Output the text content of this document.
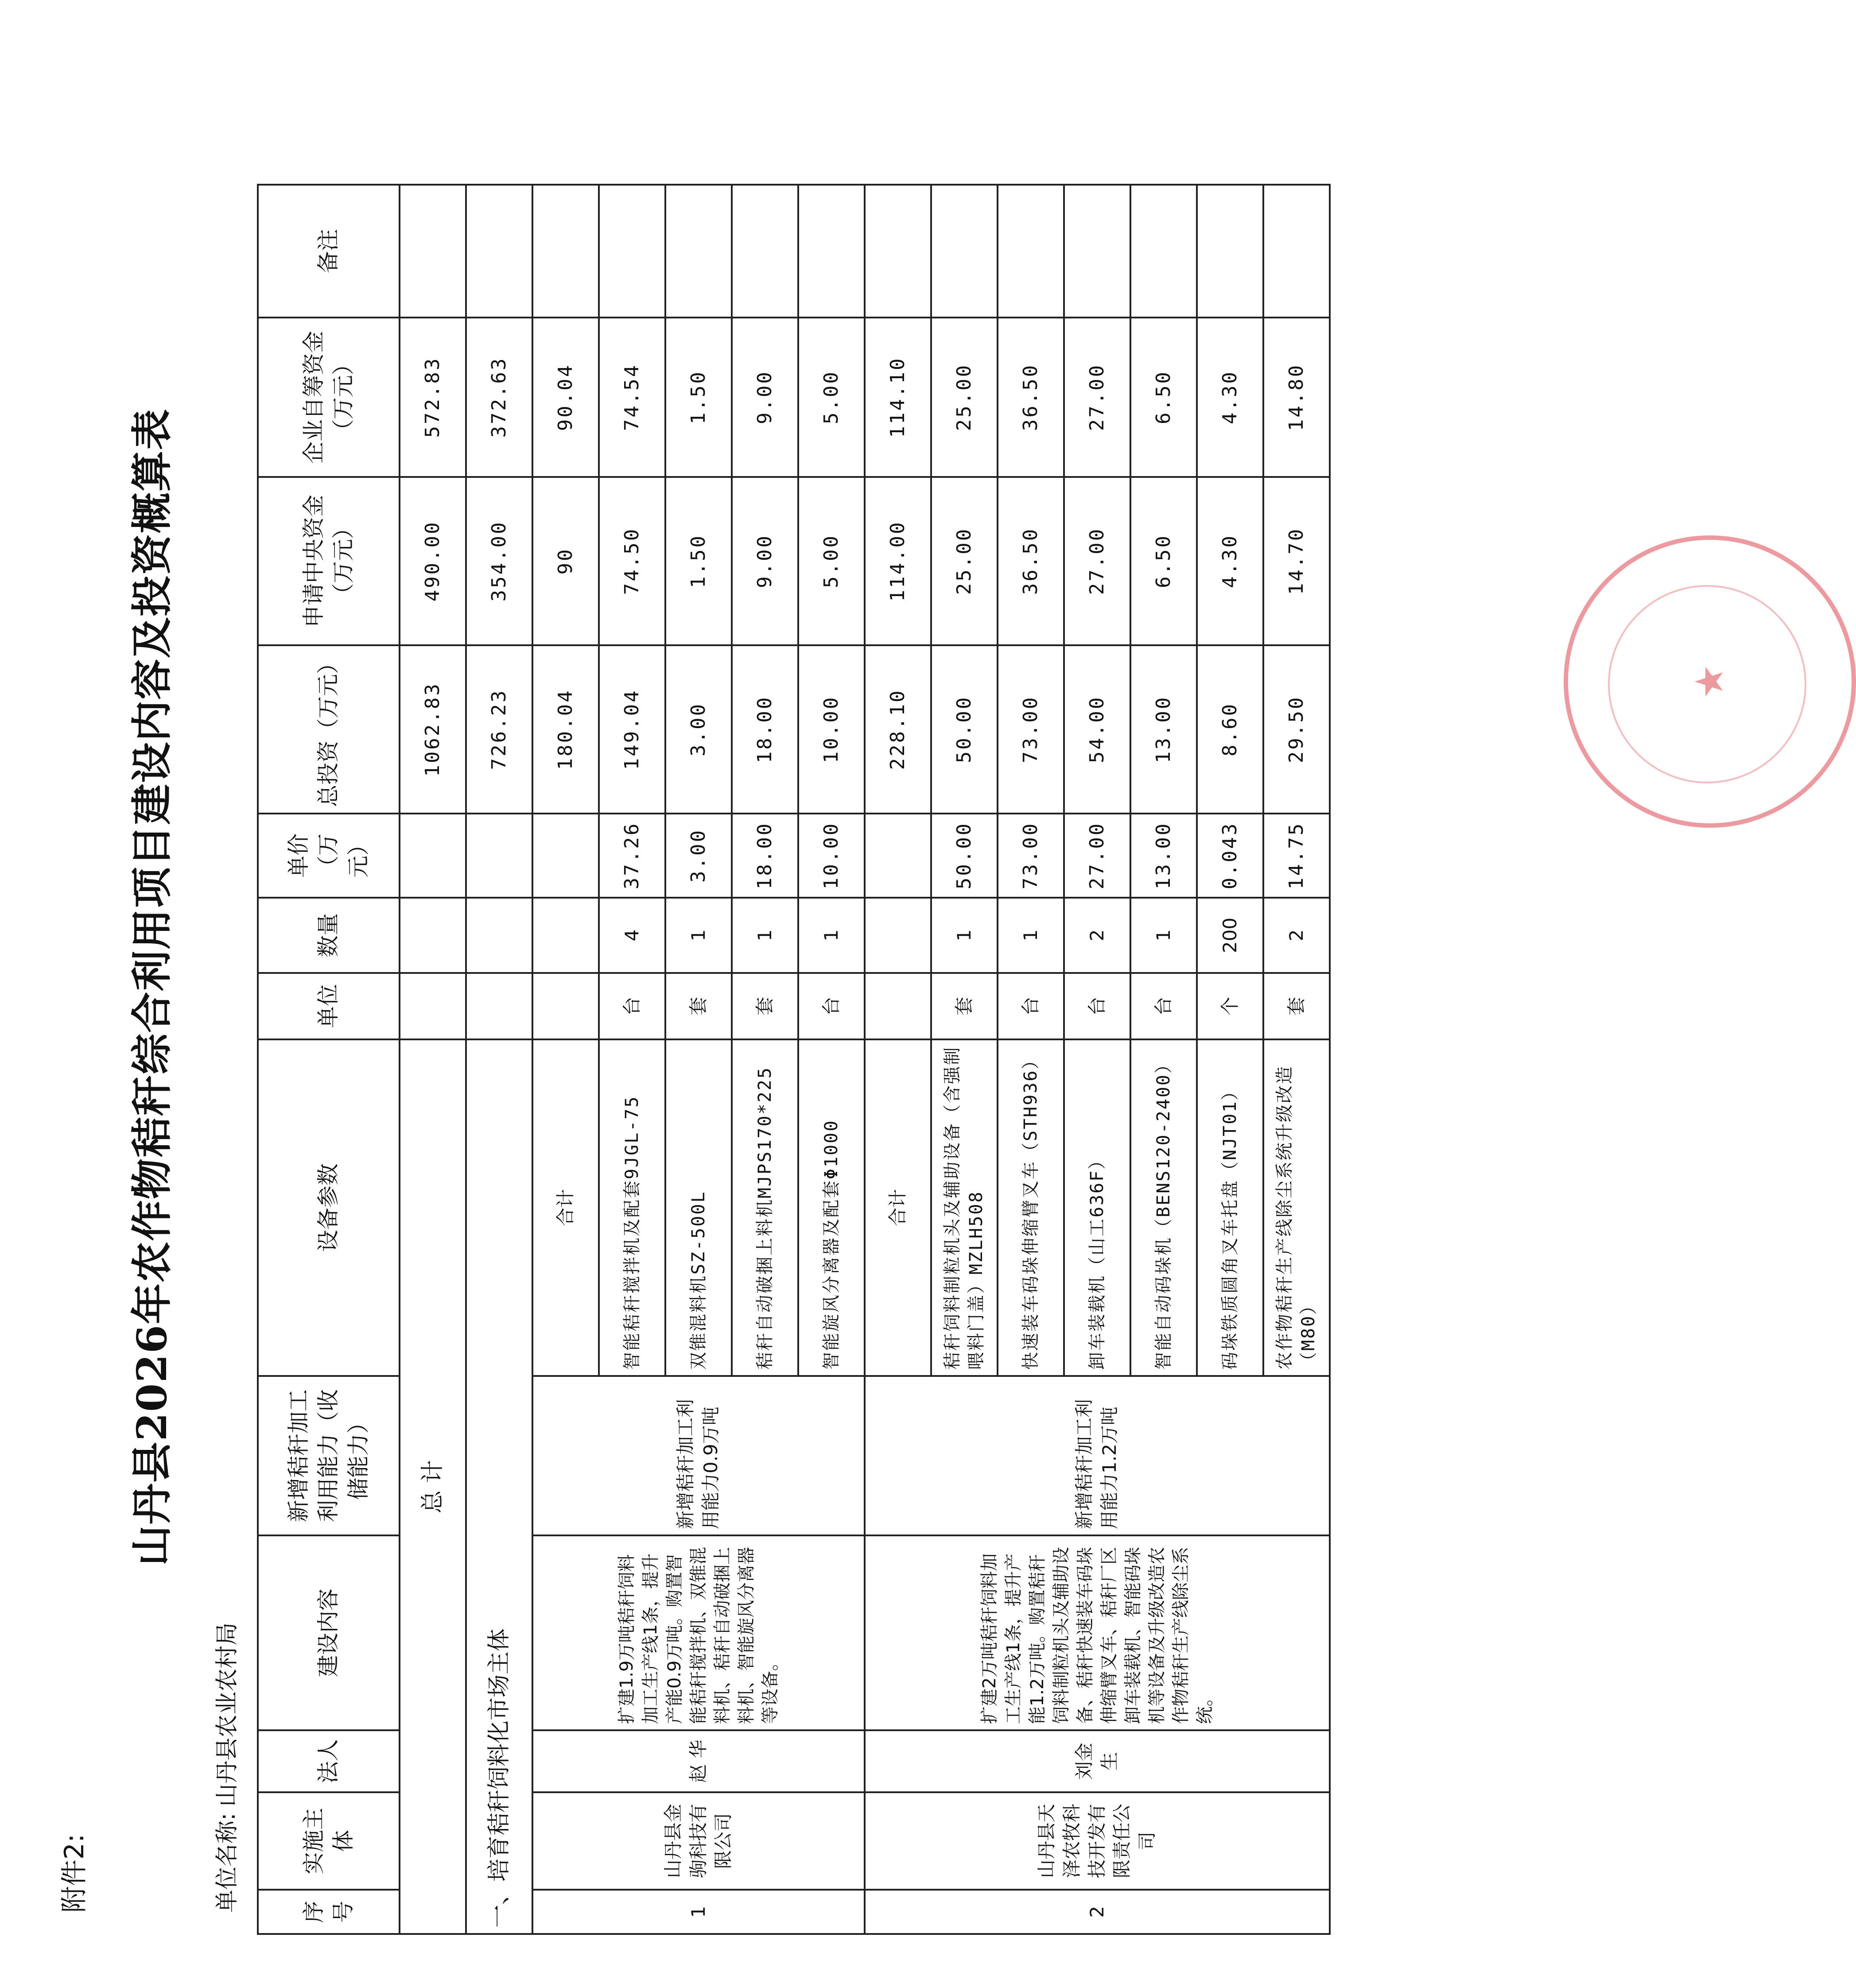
附件2:
山丹县2026年农作物秸秆综合利用项目建设内容及投资概算表
单位名称:山丹县农业农村局
序号	实施主体	法人	建设内容	新增秸秆加工利用能力（收储能力）	设备参数	单位	数量	单价（万元）	总投资（万元）	申请中央资金（万元）	企业自筹资金（万元）	备注
总 计									1062.83	490.00	572.83	
一、培育秸秆饲料化市场主体									726.23	354.00	372.63	
1	山丹县金驹科技有限公司	赵 华	扩建1.9万吨秸秆饲料加工生产线1条，提升产能0.9万吨。购置智能秸秆搅拌机、双锥混料机、秸秆自动破捆上料机、智能旋风分离器等设备。	新增秸秆加工利用能力0.9万吨	合计				180.04	90	90.04	
					智能秸秆搅拌机及配套9JGL-75	台	4	37.26	149.04	74.50	74.54	
					双锥混料机SZ-500L	套	1	3.00	3.00	1.50	1.50	
					秸秆自动破捆上料机MJPS170*225	套	1	18.00	18.00	9.00	9.00	
					智能旋风分离器及配套Φ1000	台	1	10.00	10.00	5.00	5.00	
2	山丹县天泽农牧科技开发有限责任公司	刘金生	扩建2万吨秸秆饲料加工生产线1条，提升产能1.2万吨。购置秸秆饲料制粒机头及辅助设备、秸秆快速装车码垛伸缩臂叉车、秸秆厂区卸车装载机、智能码垛机等设备及升级改造农作物秸秆生产线除尘系统。	新增秸秆加工利用能力1.2万吨	合计				228.10	114.00	114.10	
					秸秆饲料制粒机头及辅助设备（含强制喂料门盖）MZLH508	套	1	50.00	50.00	25.00	25.00	
					快速装车码垛伸缩臂叉车（STH936）	台	1	73.00	73.00	36.50	36.50	
					卸车装载机（山工636F）	台	2	27.00	54.00	27.00	27.00	
					智能自动码垛机（BENS120-2400）	台	1	13.00	13.00	6.50	6.50	
					码垛铁质圆角叉车托盘（NJT01）	个	200	0.043	8.60	4.30	4.30	
					农作物秸秆生产线除尘系统升级改造（M80）	套	2	14.75	29.50	14.70	14.80	
★
